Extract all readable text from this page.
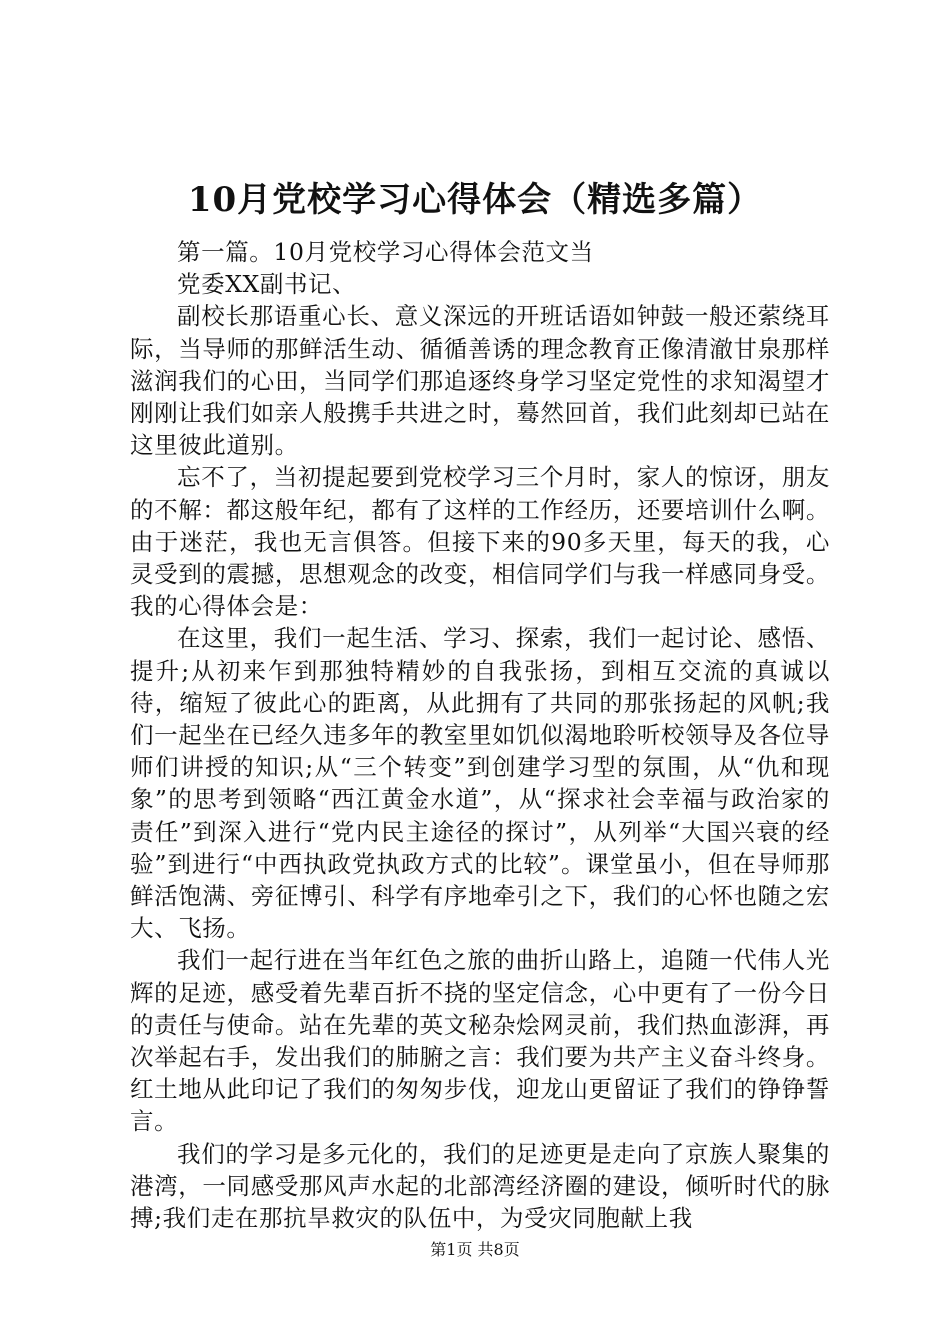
10月党校学习心得体会（精选多篇）

第一篇。10月党校学习心得体会范文当

党委XX副书记、

副校长那语重心长、意义深远的开班话语如钟鼓一般还萦绕耳际，当导师的那鲜活生动、循循善诱的理念教育正像清澈甘泉那样滋润我们的心田，当同学们那追逐终身学习坚定党性的求知渴望才刚刚让我们如亲人般携手共进之时，蓦然回首，我们此刻却已站在这里彼此道别。

忘不了，当初提起要到党校学习三个月时，家人的惊讶，朋友的不解：都这般年纪，都有了这样的工作经历，还要培训什么啊。由于迷茫，我也无言俱答。但接下来的90多天里，每天的我，心灵受到的震撼，思想观念的改变，相信同学们与我一样感同身受。我的心得体会是：

在这里，我们一起生活、学习、探索，我们一起讨论、感悟、提升;从初来乍到那独特精妙的自我张扬，到相互交流的真诚以待，缩短了彼此心的距离，从此拥有了共同的那张扬起的风帆;我们一起坐在已经久违多年的教室里如饥似渴地聆听校领导及各位导师们讲授的知识;从“三个转变”到创建学习型的氛围，从“仇和现象”的思考到领略“西江黄金水道”，从“探求社会幸福与政治家的责任”到深入进行“党内民主途径的探讨”，从列举“大国兴衰的经验”到进行“中西执政党执政方式的比较”。课堂虽小，但在导师那鲜活饱满、旁征博引、科学有序地牵引之下，我们的心怀也随之宏大、飞扬。

我们一起行进在当年红色之旅的曲折山路上，追随一代伟人光辉的足迹，感受着先辈百折不挠的坚定信念，心中更有了一份今日的责任与使命。站在先辈的英文秘杂烩网灵前，我们热血澎湃，再次举起右手，发出我们的肺腑之言：我们要为共产主义奋斗终身。红土地从此印记了我们的匆匆步伐，迎龙山更留证了我们的铮铮誓言。

我们的学习是多元化的，我们的足迹更是走向了京族人聚集的港湾，一同感受那风声水起的北部湾经济圈的建设，倾听时代的脉搏;我们走在那抗旱救灾的队伍中，为受灾同胞献上我

第1页 共8页
